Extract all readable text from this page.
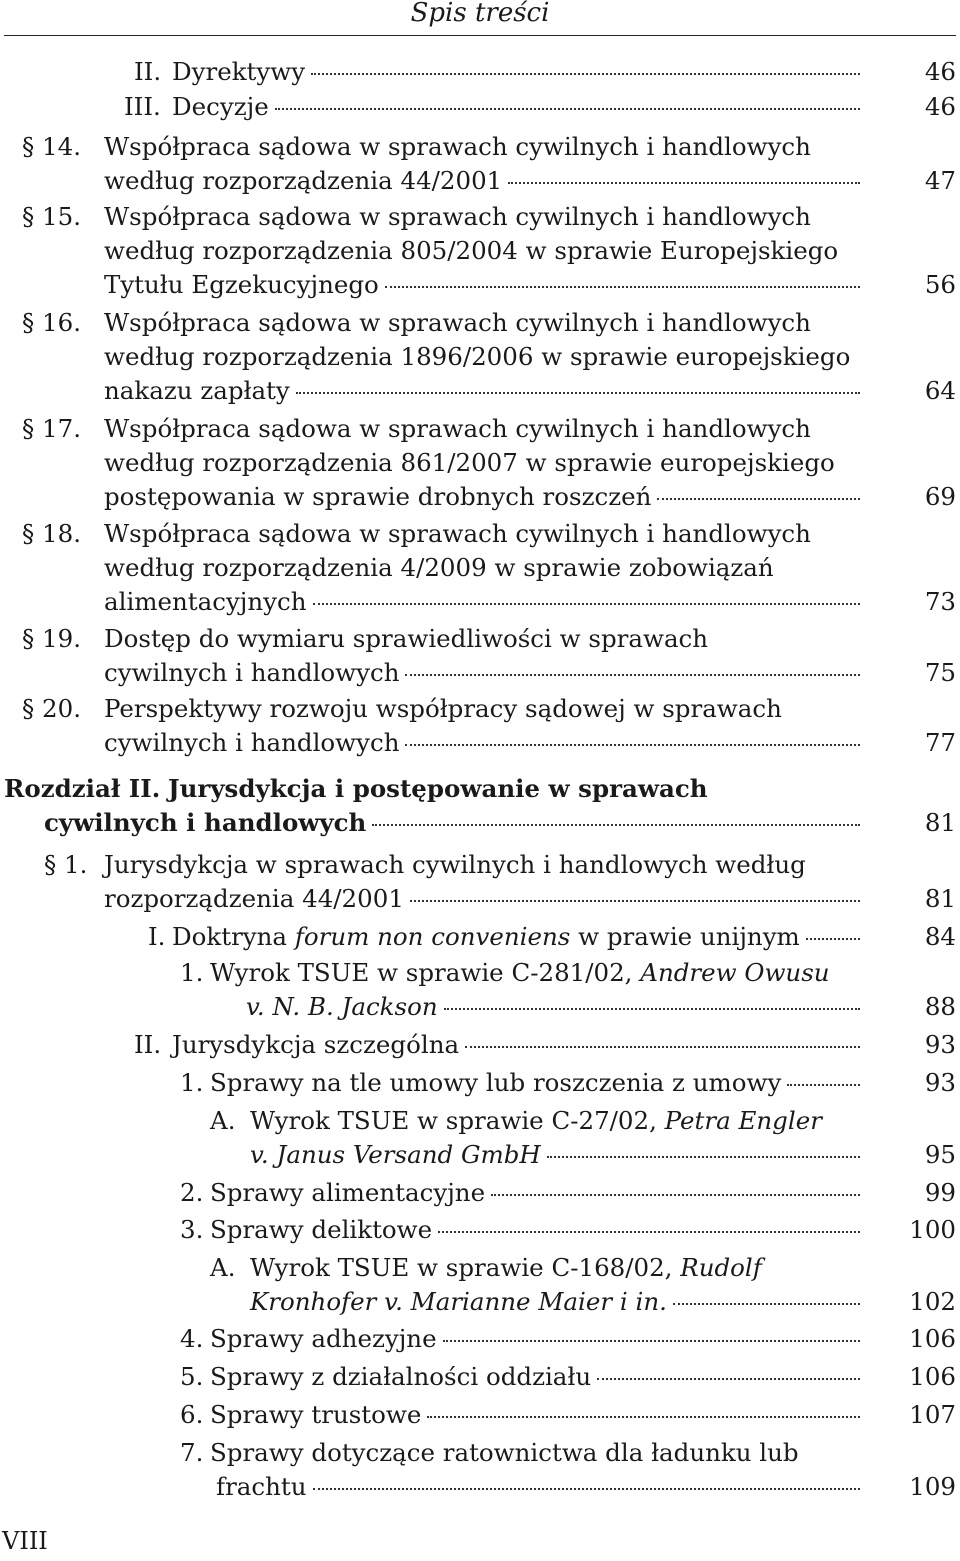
Spis treści
II. Dyrektywy	46
III. Decyzje	46
§ 14. Współpraca sądowa w sprawach cywilnych i handlowych
według rozporządzenia 44/2001	47
§ 15. Współpraca sądowa w sprawach cywilnych i handlowych
według rozporządzenia 805/2004 w sprawie Europejskiego
Tytułu Egzekucyjnego	56
§ 16. Współpraca sądowa w sprawach cywilnych i handlowych
według rozporządzenia 1896/2006 w sprawie europejskiego
nakazu zapłaty	64
§ 17. Współpraca sądowa w sprawach cywilnych i handlowych
według rozporządzenia 861/2007 w sprawie europejskiego
postępowania w sprawie drobnych roszczeń	69
§ 18. Współpraca sądowa w sprawach cywilnych i handlowych
według rozporządzenia 4/2009 w sprawie zobowiązań
alimentacyjnych	73
§ 19. Dostęp do wymiaru sprawiedliwości w sprawach
cywilnych i handlowych	75
§ 20. Perspektywy rozwoju współpracy sądowej w sprawach
cywilnych i handlowych	77
Rozdział II. Jurysdykcja i postępowanie w sprawach
cywilnych i handlowych	81
§ 1. Jurysdykcja w sprawach cywilnych i handlowych według
rozporządzenia 44/2001	81
I. Doktryna forum non conveniens w prawie unijnym	84
1. Wyrok TSUE w sprawie C-281/02, Andrew Owusu
v. N. B. Jackson	88
II. Jurysdykcja szczególna	93
1. Sprawy na tle umowy lub roszczenia z umowy	93
A. Wyrok TSUE w sprawie C-27/02, Petra Engler
v. Janus Versand GmbH	95
2. Sprawy alimentacyjne	99
3. Sprawy deliktowe	100
A. Wyrok TSUE w sprawie C-168/02, Rudolf
Kronhofer v. Marianne Maier i in.	102
4. Sprawy adhezyjne	106
5. Sprawy z działalności oddziału	106
6. Sprawy trustowe	107
7. Sprawy dotyczące ratownictwa dla ładunku lub
frachtu	109
VIII
